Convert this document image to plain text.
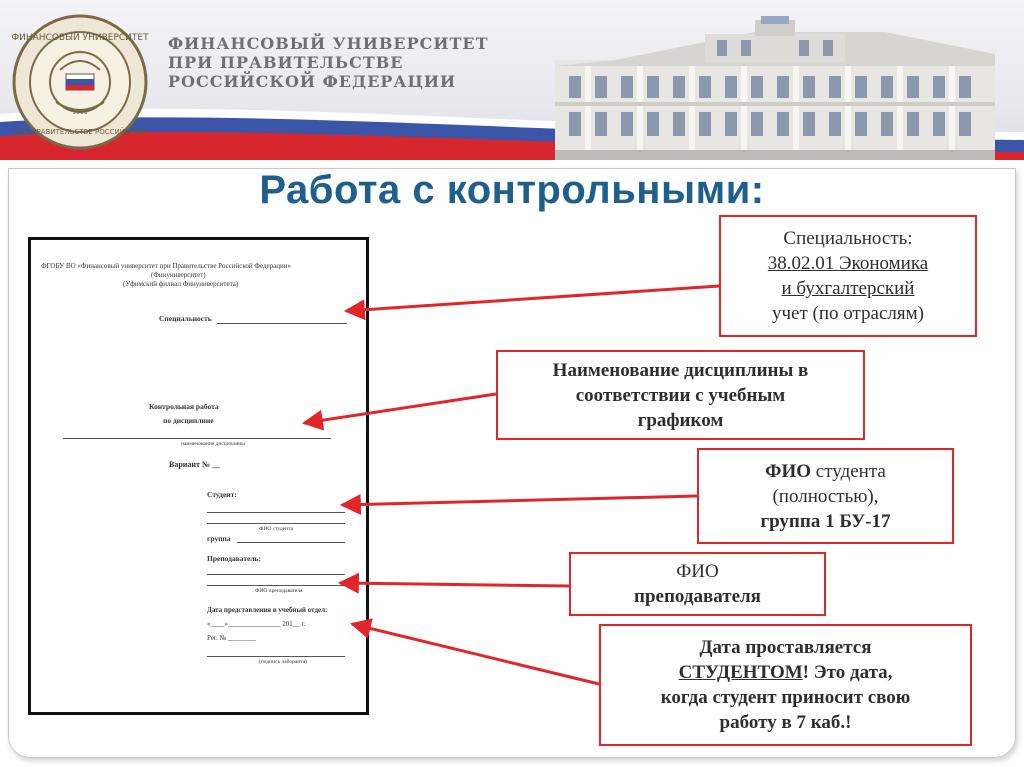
ФИНАНСОВЫЙ УНИВЕРСИТЕТ
ПРИ ПРАВИТЕЛЬСТВЕ РОССИЙСКОЙ
1919
ФИНАНСОВЫЙ УНИВЕРСИТЕТ
ПРИ ПРАВИТЕЛЬСТВЕ
РОССИЙСКОЙ ФЕДЕРАЦИИ
Работа с контрольными:
ФГОБУ ВО «Финансовый университет при Правительстве Российской Федерации»
(Финуниверситет)
(Уфимский филиал Финуниверситета)
Специальность
Контрольная работа
по дисциплине
наименование дисциплины
Вариант № __
Студент:
ФИО студента
группа
Преподаватель:
ФИО преподавателя
Дата представления в учебный отдел:
«____»_______________ 201__ г.
Рег. № ________
(подпись лаборанта)
Специальность:
38.02.01 Экономика
и бухгалтерский
учет (по отраслям)
Наименование дисциплины в
соответствии с учебным
графиком
ФИО студента
(полностью),
группа 1 БУ-17
ФИО
преподавателя
Дата проставляется
СТУДЕНТОМ! Это дата,
когда студент приносит свою
работу в 7 каб.!
